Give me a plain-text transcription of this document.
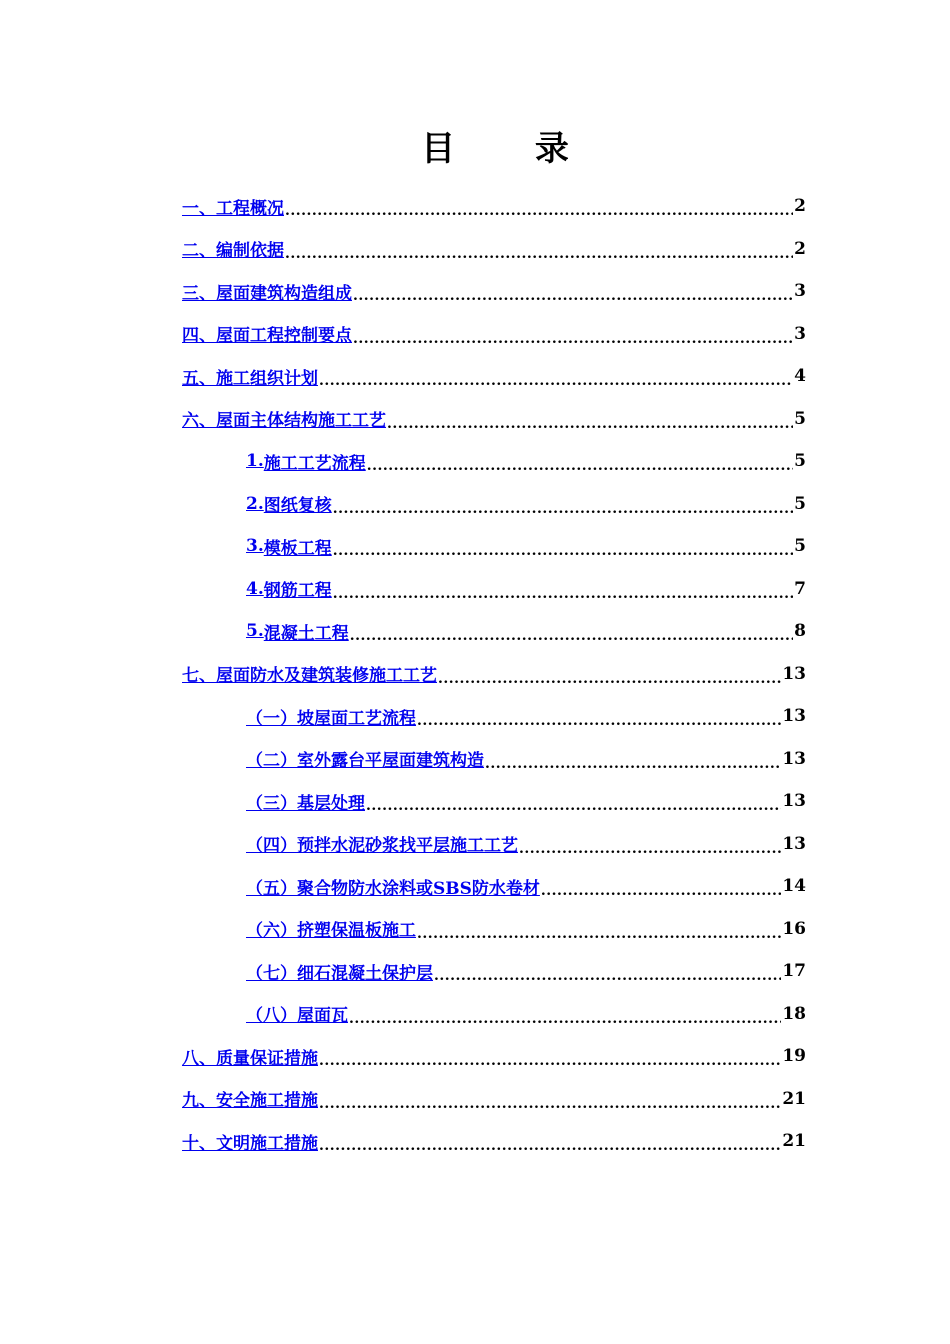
目 录
一、 工程概况 .....	2
二、 编制依据 .....	2
三、 屋面建筑构造组成 .....	3
四、 屋面工程控制要点 .....	3
五、 施工组织计划 .....	4
六、 屋面主体结构施工工艺 .....	5
1. 施工工艺流程 .....	5
2. 图纸复核 .....	5
3. 模板工程 .....	5
4. 钢筋工程 .....	7
5. 混凝土工程 .....	8
七、 屋面防水及建筑装修施工工艺 .....	13
（一） 坡屋面工艺流程 .....	13
（二） 室外露台平屋面建筑构造 .....	13
（三） 基层处理 .....	13
（四） 预拌水泥砂浆找平层施工工艺 .....	13
（五） 聚合物防水涂料或SBS防水卷材 .....	14
（六） 挤塑保温板施工 .....	16
（七） 细石混凝土保护层 .....	17
（八） 屋面瓦 .....	18
八、 质量保证措施 .....	19
九、 安全施工措施 .....	21
十、 文明施工措施 .....	21
